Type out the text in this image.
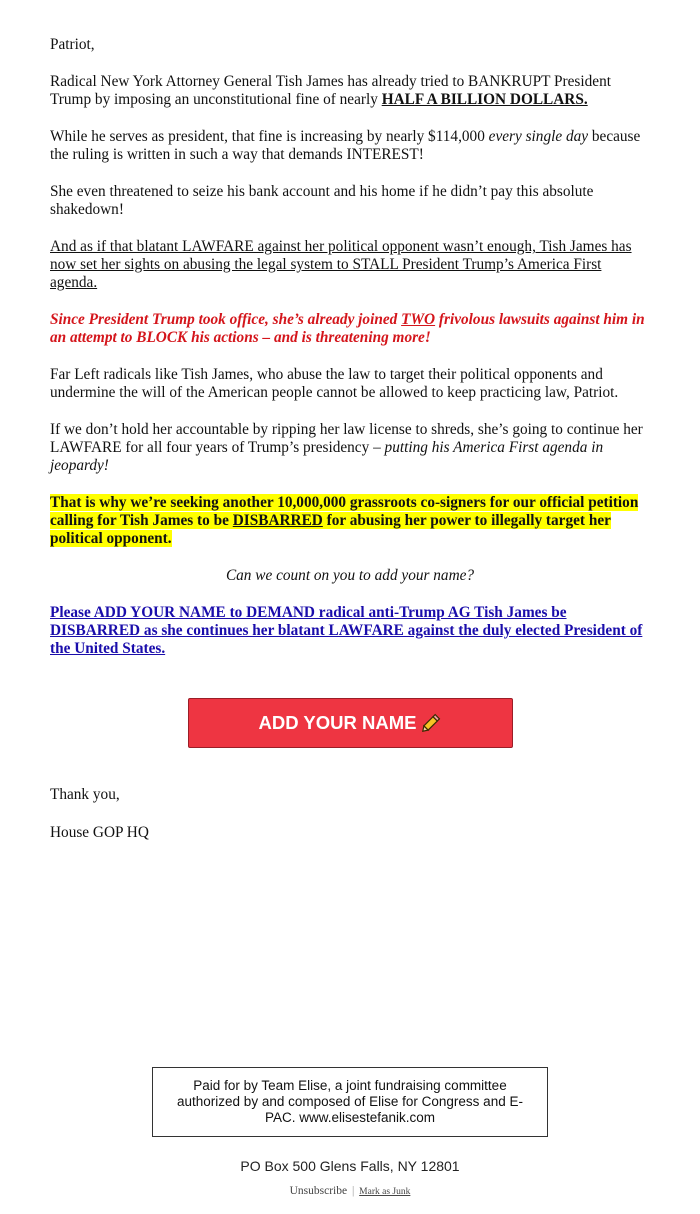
Patriot,

Radical New York Attorney General Tish James has already tried to BANKRUPT President Trump by imposing an unconstitutional fine of nearly HALF A BILLION DOLLARS.

While he serves as president, that fine is increasing by nearly $114,000 every single day because the ruling is written in such a way that demands INTEREST!

She even threatened to seize his bank account and his home if he didn’t pay this absolute shakedown!

And as if that blatant LAWFARE against her political opponent wasn’t enough, Tish James has now set her sights on abusing the legal system to STALL President Trump’s America First agenda.

Since President Trump took office, she’s already joined TWO frivolous lawsuits against him in an attempt to BLOCK his actions – and is threatening more!

Far Left radicals like Tish James, who abuse the law to target their political opponents and undermine the will of the American people cannot be allowed to keep practicing law, Patriot.

If we don’t hold her accountable by ripping her law license to shreds, she’s going to continue her LAWFARE for all four years of Trump’s presidency – putting his America First agenda in jeopardy!

That is why we’re seeking another 10,000,000 grassroots co-signers for our official petition calling for Tish James to be DISBARRED for abusing her power to illegally target her political opponent.

Can we count on you to add your name?

Please ADD YOUR NAME to DEMAND radical anti-Trump AG Tish James be DISBARRED as she continues her blatant LAWFARE against the duly elected President of the United States.

ADD YOUR NAME
Thank you,
House GOP HQ
Paid for by Team Elise, a joint fundraising committee authorized by and composed of Elise for Congress and E-PAC. www.elisestefanik.com
PO Box 500 Glens Falls, NY 12801
Unsubscribe | Mark as Junk
